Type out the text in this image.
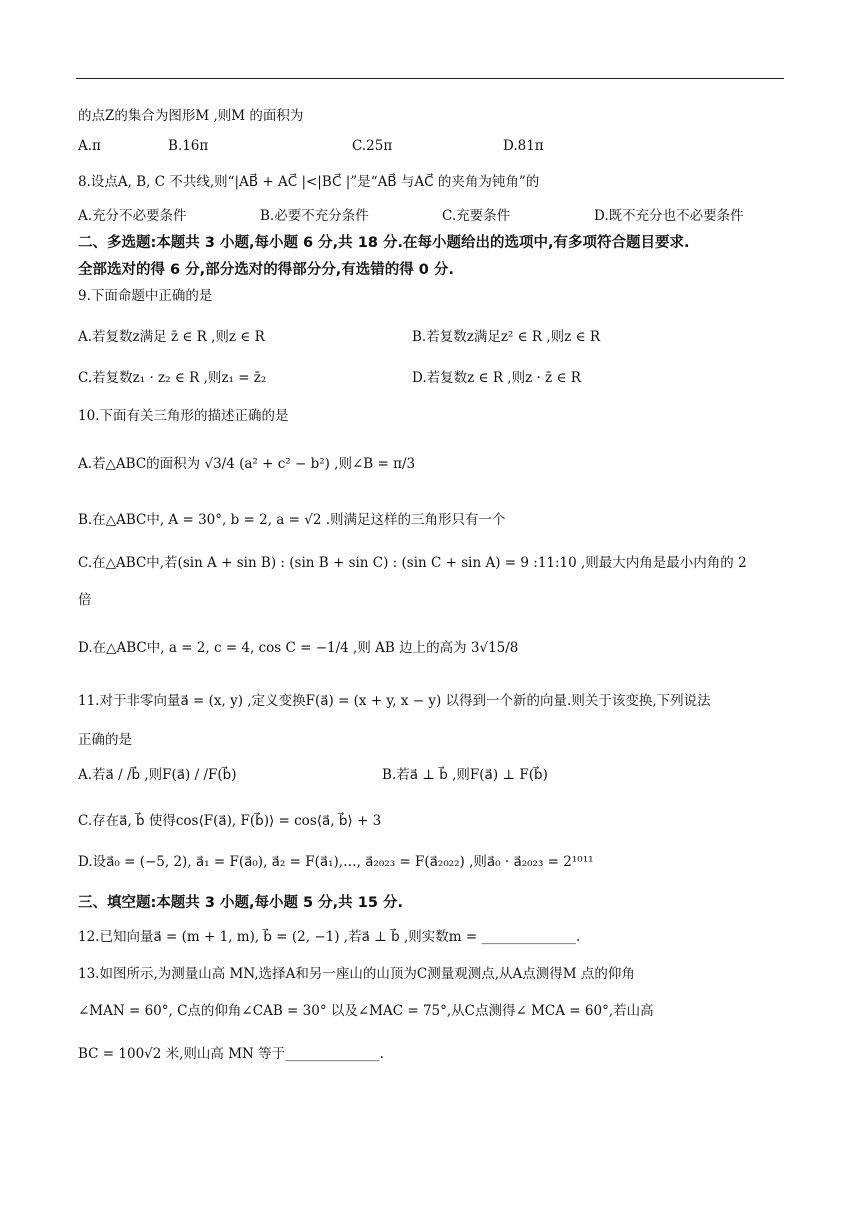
的点Z的集合为图形M ,则M 的面积为
A.π	B.16π	C.25π	D.81π
8.设点A, B, C 不共线,则“|AB⃗ + AC⃗ |<|BC⃗ |”是“AB⃗ 与AC⃗ 的夹角为钝角”的
A.充分不必要条件	B.必要不充分条件	C.充要条件	D.既不充分也不必要条件
二、多选题:本题共 3 小题,每小题 6 分,共 18 分.在每小题给出的选项中,有多项符合题目要求.
全部选对的得 6 分,部分选对的得部分分,有选错的得 0 分.
9.下面命题中正确的是
A.若复数z满足 z̄ ∈ R ,则z ∈ R	B.若复数z满足z² ∈ R ,则z ∈ R
C.若复数z₁ · z₂ ∈ R ,则z₁ = z̄₂	D.若复数z ∈ R ,则z · z̄ ∈ R
10.下面有关三角形的描述正确的是
A.若△ABC的面积为 √3/4 (a² + c² − b²) ,则∠B = π/3
B.在△ABC中, A = 30°, b = 2, a = √2 .则满足这样的三角形只有一个
C.在△ABC中,若(sin A + sin B) : (sin B + sin C) : (sin C + sin A) = 9 :11:10 ,则最大内角是最小内角的 2
倍
D.在△ABC中, a = 2, c = 4, cos C = −1/4 ,则 AB 边上的高为 3√15/8
11.对于非零向量a⃗ = (x, y) ,定义变换F(a⃗) = (x + y, x − y) 以得到一个新的向量.则关于该变换,下列说法
正确的是
A.若a⃗ / /b⃗ ,则F(a⃗) / /F(b⃗)	B.若a⃗ ⊥ b⃗ ,则F(a⃗) ⊥ F(b⃗)
C.存在a⃗, b⃗ 使得cos⟨F(a⃗), F(b⃗)⟩ = cos⟨a⃗, b⃗⟩ + 3
D.设a⃗₀ = (−5, 2), a⃗₁ = F(a⃗₀), a⃗₂ = F(a⃗₁),…, a⃗₂₀₂₃ = F(a⃗₂₀₂₂) ,则a⃗₀ · a⃗₂₀₂₃ = 2¹⁰¹¹
三、填空题:本题共 3 小题,每小题 5 分,共 15 分.
12.已知向量a⃗ = (m + 1, m), b⃗ = (2, −1) ,若a⃗ ⊥ b⃗ ,则实数m = ______________.
13.如图所示,为测量山高 MN,选择A和另一座山的山顶为C测量观测点,从A点测得M 点的仰角
∠MAN = 60°, C点的仰角∠CAB = 30° 以及∠MAC = 75°,从C点测得∠ MCA = 60°,若山高
BC = 100√2 米,则山高 MN 等于______________.
